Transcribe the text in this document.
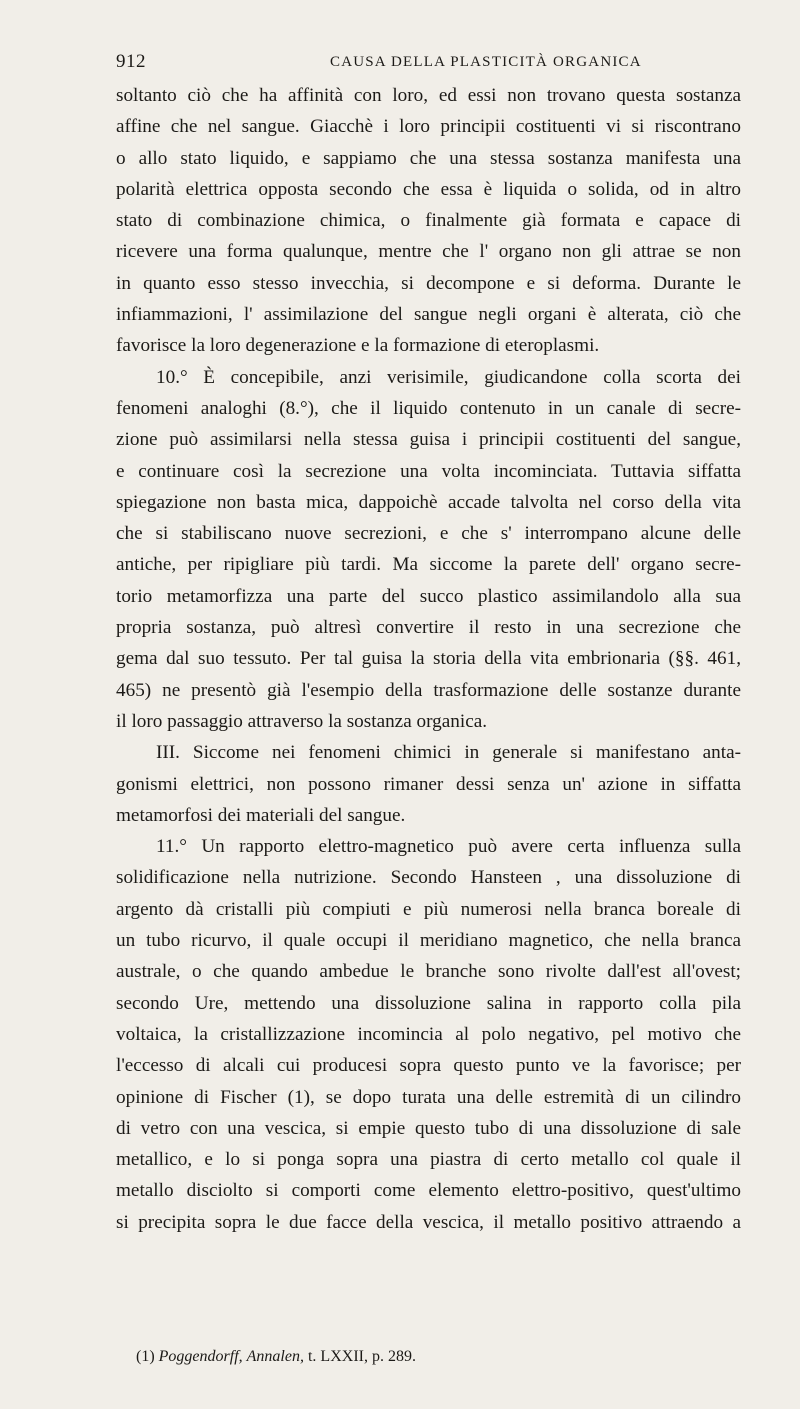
912	CAUSA DELLA PLASTICITÀ ORGANICA
soltanto ciò che ha affinità con loro, ed essi non trovano questa sostanza
affine che nel sangue. Giacchè i loro principii costituenti vi si riscontrano
o allo stato liquido, e sappiamo che una stessa sostanza manifesta una
polarità elettrica opposta secondo che essa è liquida o solida, od in altro
stato di combinazione chimica, o finalmente già formata e capace di
ricevere una forma qualunque, mentre che l' organo non gli attrae se non
in quanto esso stesso invecchia, si decompone e si deforma. Durante le
infiammazioni, l' assimilazione del sangue negli organi è alterata, ciò che
favorisce la loro degenerazione e la formazione di eteroplasmi.
10.° È concepibile, anzi verisimile, giudicandone colla scorta dei
fenomeni analoghi (8.°), che il liquido contenuto in un canale di secre-
zione può assimilarsi nella stessa guisa i principii costituenti del sangue,
e continuare così la secrezione una volta incominciata. Tuttavia siffatta
spiegazione non basta mica, dappoichè accade talvolta nel corso della vita
che si stabiliscano nuove secrezioni, e che s' interrompano alcune delle
antiche, per ripigliare più tardi. Ma siccome la parete dell' organo secre-
torio metamorfizza una parte del succo plastico assimilandolo alla sua
propria sostanza, può altresì convertire il resto in una secrezione che
gema dal suo tessuto. Per tal guisa la storia della vita embrionaria (§§. 461,
465) ne presentò già l'esempio della trasformazione delle sostanze durante
il loro passaggio attraverso la sostanza organica.
III. Siccome nei fenomeni chimici in generale si manifestano anta-
gonismi elettrici, non possono rimaner dessi senza un' azione in siffatta
metamorfosi dei materiali del sangue.
11.° Un rapporto elettro-magnetico può avere certa influenza sulla
solidificazione nella nutrizione. Secondo Hansteen , una dissoluzione di
argento dà cristalli più compiuti e più numerosi nella branca boreale di
un tubo ricurvo, il quale occupi il meridiano magnetico, che nella branca
australe, o che quando ambedue le branche sono rivolte dall'est all'ovest;
secondo Ure, mettendo una dissoluzione salina in rapporto colla pila
voltaica, la cristallizzazione incomincia al polo negativo, pel motivo che
l'eccesso di alcali cui producesi sopra questo punto ve la favorisce; per
opinione di Fischer (1), se dopo turata una delle estremità di un cilindro
di vetro con una vescica, si empie questo tubo di una dissoluzione di sale
metallico, e lo si ponga sopra una piastra di certo metallo col quale il
metallo disciolto si comporti come elemento elettro-positivo, quest'ultimo
si precipita sopra le due facce della vescica, il metallo positivo attraendo a
(1) Poggendorff, Annalen, t. LXXII, p. 289.
